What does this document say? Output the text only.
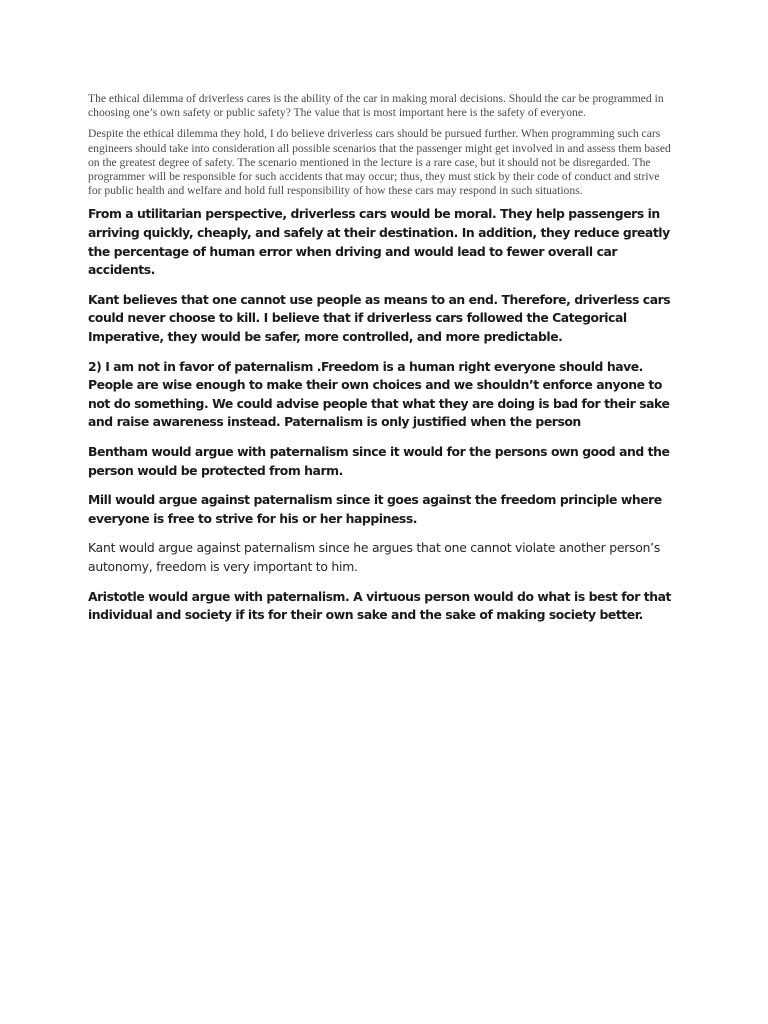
The ethical dilemma of driverless cares is the ability of the car in making moral decisions. Should the car be programmed in choosing one’s own safety or public safety? The value that is most important here is the safety of everyone.

Despite the ethical dilemma they hold, I do believe driverless cars should be pursued further. When programming such cars engineers should take into consideration all possible scenarios that the passenger might get involved in and assess them based on the greatest degree of safety. The scenario mentioned in the lecture is a rare case, but it should not be disregarded. The programmer will be responsible for such accidents that may occur; thus, they must stick by their code of conduct and strive for public health and welfare and hold full responsibility of how these cars may respond in such situations.

From a utilitarian perspective, driverless cars would be moral. They help passengers in arriving quickly, cheaply, and safely at their destination. In addition, they reduce greatly the percentage of human error when driving and would lead to fewer overall car accidents.

Kant believes that one cannot use people as means to an end. Therefore, driverless cars could never choose to kill. I believe that if driverless cars followed the Categorical Imperative, they would be safer, more controlled, and more predictable.

2) I am not in favor of paternalism .Freedom is a human right everyone should have. People are wise enough to make their own choices and we shouldn’t enforce anyone to not do something. We could advise people that what they are doing is bad for their sake and raise awareness instead. Paternalism is only justified when the person

Bentham would argue with paternalism since it would for the persons own good and the person would be protected from harm.

Mill would argue against paternalism since it goes against the freedom principle where everyone is free to strive for his or her happiness.

Kant would argue against paternalism since he argues that one cannot violate another person’s autonomy, freedom is very important to him.

Aristotle would argue with paternalism. A virtuous person would do what is best for that individual and society if its for their own sake and the sake of making society better.
